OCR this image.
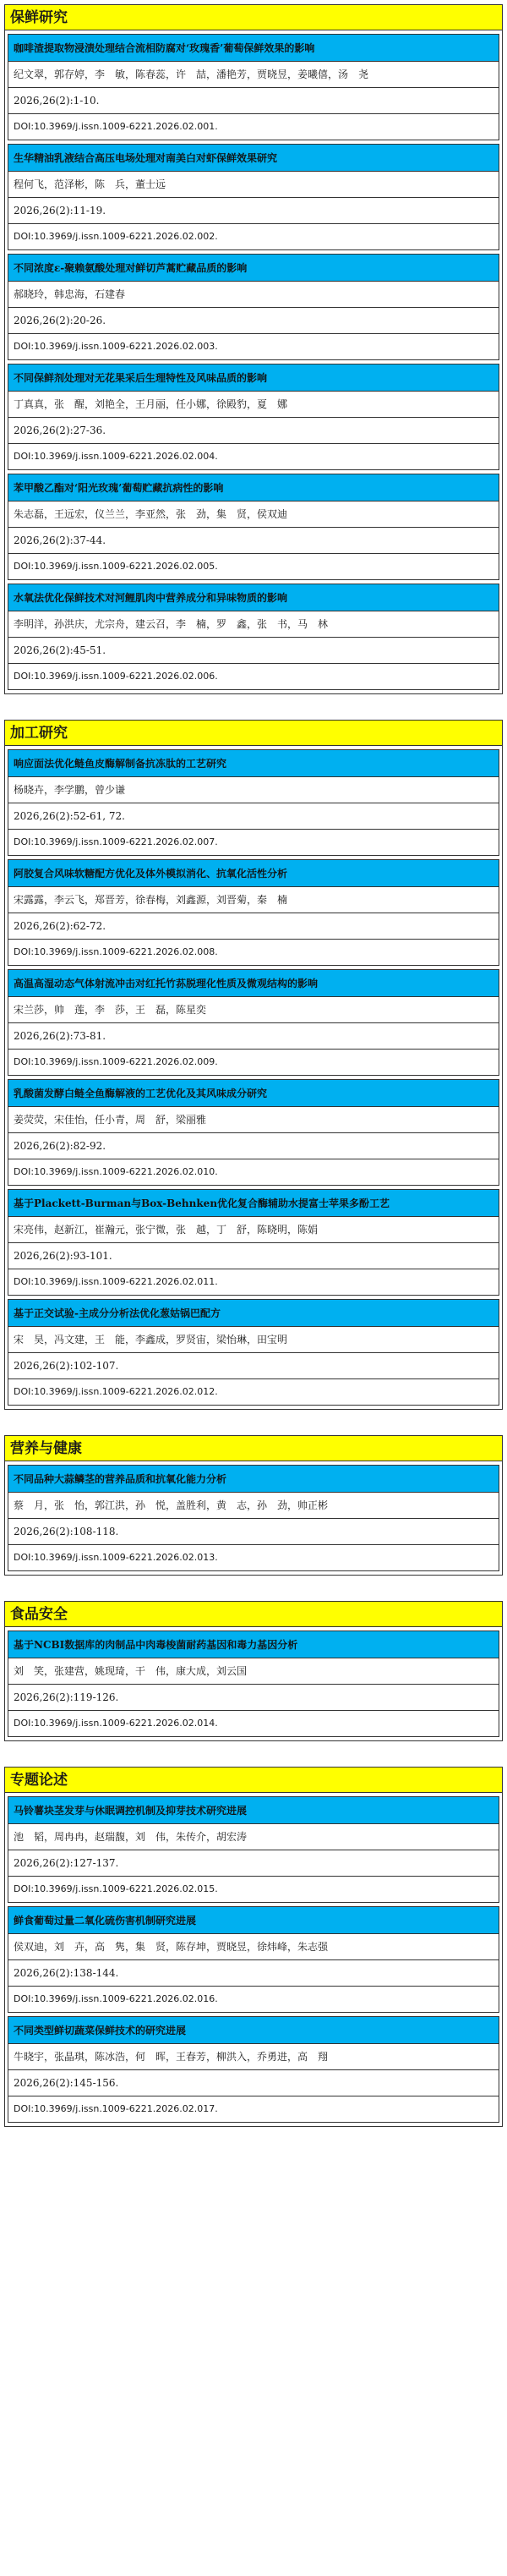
保鲜研究
咖啡渣提取物浸渍处理结合流相防腐对‘玫瑰香’葡萄保鲜效果的影响
纪文翠，郭存婷，李　敏，陈春蕊，许　喆，潘艳芳，贾晓昱，姜曦僖，汤　尧
2026,26(2):1-10.
DOI:10.3969/j.issn.1009-6221.2026.02.001.
生华精油乳液结合高压电场处理对南美白对虾保鲜效果研究
程何飞，范泽彬，陈　兵，董士远
2026,26(2):11-19.
DOI:10.3969/j.issn.1009-6221.2026.02.002.
不同浓度ε-聚赖氨酸处理对鲜切芦蒿贮藏品质的影响
郝晓玲，韩忠海，石建春
2026,26(2):20-26.
DOI:10.3969/j.issn.1009-6221.2026.02.003.
不同保鲜剂处理对无花果采后生理特性及风味品质的影响
丁真真，张　醒，刘艳全，王月丽，任小娜，徐殿豹，夏　娜
2026,26(2):27-36.
DOI:10.3969/j.issn.1009-6221.2026.02.004.
苯甲酸乙酯对‘阳光玫瑰’葡萄贮藏抗病性的影响
朱志磊，王远宏，仪兰兰，李亚然，张　劲，集　贤，侯双迪
2026,26(2):37-44.
DOI:10.3969/j.issn.1009-6221.2026.02.005.
水氧法优化保鲜技术对河鲤肌肉中营养成分和异味物质的影响
李明洋，孙洪庆，尤宗舟，建云召，李　楠，罗　鑫，张　书，马　林
2026,26(2):45-51.
DOI:10.3969/j.issn.1009-6221.2026.02.006.
加工研究
响应面法优化鲢鱼皮酶解制备抗冻肽的工艺研究
杨晓卉，李学鹏，曾少谦
2026,26(2):52-61, 72.
DOI:10.3969/j.issn.1009-6221.2026.02.007.
阿胶复合风味软糖配方优化及体外模拟消化、抗氧化活性分析
宋露露，李云飞，郑晋芳，徐春梅，刘鑫源，刘晋菊，秦　楠
2026,26(2):62-72.
DOI:10.3969/j.issn.1009-6221.2026.02.008.
高温高湿动态气体射流冲击对红托竹荪脱理化性质及微观结构的影响
宋兰莎，帅　莲，李　莎，王　磊，陈星奕
2026,26(2):73-81.
DOI:10.3969/j.issn.1009-6221.2026.02.009.
乳酸菌发酵白鲢全鱼酶解液的工艺优化及其风味成分研究
姜荧荧，宋佳怡，任小青，周　舒，梁丽雅
2026,26(2):82-92.
DOI:10.3969/j.issn.1009-6221.2026.02.010.
基于Plackett-Burman与Box-Behnken优化复合酶辅助水提富士苹果多酚工艺
宋亮伟，赵新江，崔瀚元，张宁微，张　越，丁　舒，陈晓明，陈娟
2026,26(2):93-101.
DOI:10.3969/j.issn.1009-6221.2026.02.011.
基于正交试验-主成分分析法优化葱姑锅巴配方
宋　昊，冯文建，王　能，李鑫成，罗贤宙，梁怡琳，田宝明
2026,26(2):102-107.
DOI:10.3969/j.issn.1009-6221.2026.02.012.
营养与健康
不同品种大蒜鳞茎的营养品质和抗氧化能力分析
蔡　月，张　怡，郭江洪，孙　悦，盖胜利，黄　志，孙　劲，帅正彬
2026,26(2):108-118.
DOI:10.3969/j.issn.1009-6221.2026.02.013.
食品安全
基于NCBI数据库的肉制品中肉毒梭菌耐药基因和毒力基因分析
刘　笑，张建营，姚现琦，干　伟，康大成，刘云国
2026,26(2):119-126.
DOI:10.3969/j.issn.1009-6221.2026.02.014.
专题论述
马铃薯块茎发芽与休眠调控机制及抑芽技术研究进展
池　韬，周冉冉，赵瑞馥，刘　伟，朱传介，胡宏涛
2026,26(2):127-137.
DOI:10.3969/j.issn.1009-6221.2026.02.015.
鲜食葡萄过量二氧化硫伤害机制研究进展
侯双迪，刘　卉，高　隽，集　贤，陈存坤，贾晓昱，徐炜峰，朱志强
2026,26(2):138-144.
DOI:10.3969/j.issn.1009-6221.2026.02.016.
不同类型鲜切蔬菜保鲜技术的研究进展
牛晓宇，张晶琪，陈冰浩，何　晖，王春芳，柳洪入，乔勇进，高　翔
2026,26(2):145-156.
DOI:10.3969/j.issn.1009-6221.2026.02.017.
